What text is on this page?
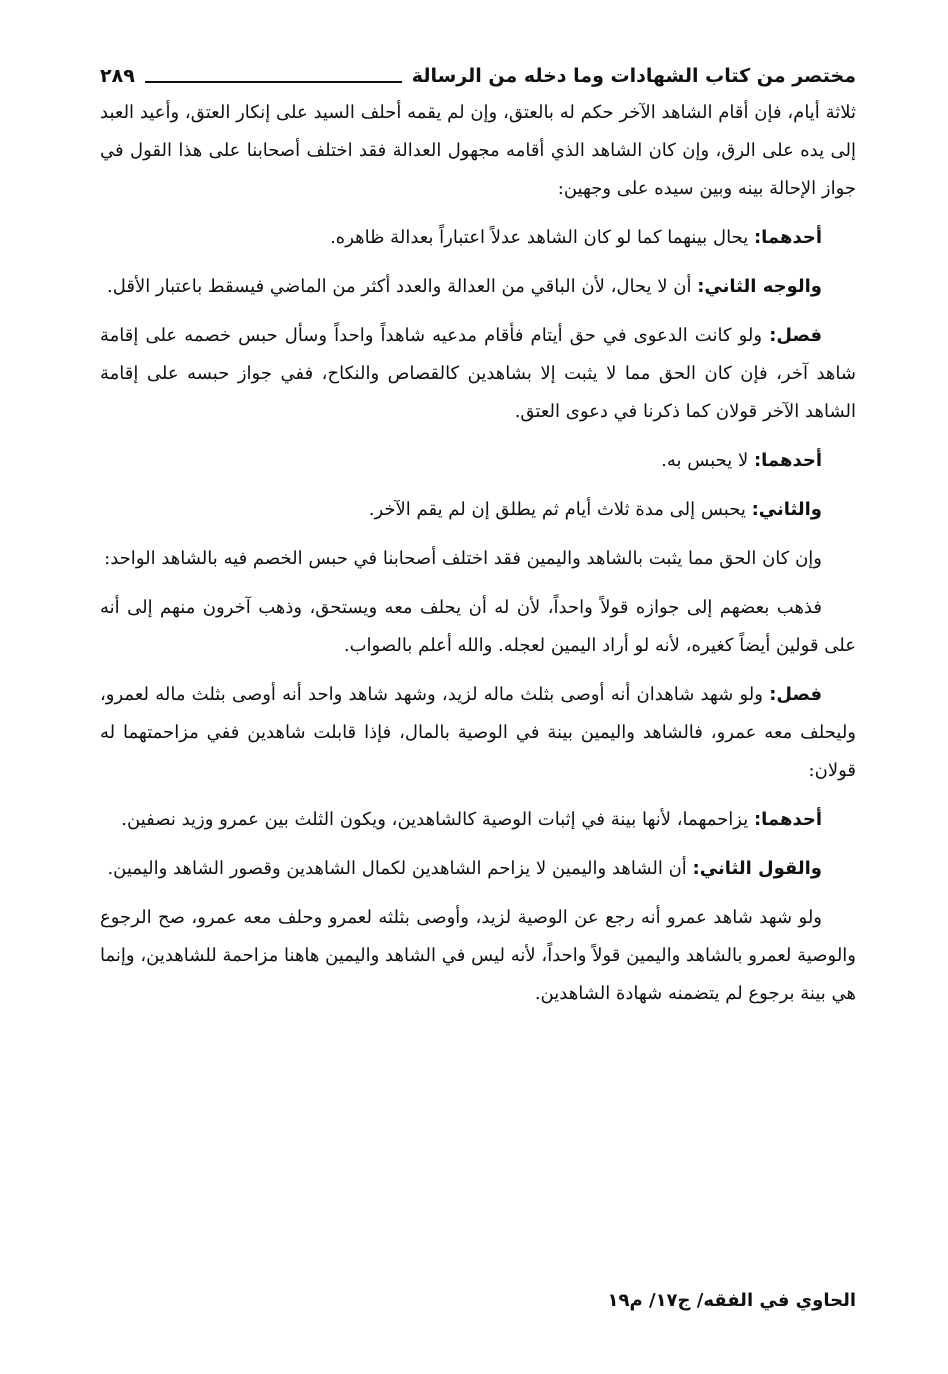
مختصر من كتاب الشهادات وما دخله من الرسالة
٢٨٩

ثلاثة أيام، فإن أقام الشاهد الآخر حكم له بالعتق، وإن لم يقمه أحلف السيد على إنكار العتق، وأعيد العبد إلى يده على الرق، وإن كان الشاهد الذي أقامه مجهول العدالة فقد اختلف أصحابنا على هذا القول في جواز الإحالة بينه وبين سيده على وجهين:

أحدهما: يحال بينهما كما لو كان الشاهد عدلاً اعتباراً بعدالة ظاهره.

والوجه الثاني: أن لا يحال، لأن الباقي من العدالة والعدد أكثر من الماضي فيسقط باعتبار الأقل.

فصل: ولو كانت الدعوى في حق أيتام فأقام مدعيه شاهداً واحداً وسأل حبس خصمه على إقامة شاهد آخر، فإن كان الحق مما لا يثبت إلا بشاهدين كالقصاص والنكاح، ففي جواز حبسه على إقامة الشاهد الآخر قولان كما ذكرنا في دعوى العتق.

أحدهما: لا يحبس به.

والثاني: يحبس إلى مدة ثلاث أيام ثم يطلق إن لم يقم الآخر.

وإن كان الحق مما يثبت بالشاهد واليمين فقد اختلف أصحابنا في حبس الخصم فيه بالشاهد الواحد:

فذهب بعضهم إلى جوازه قولاً واحداً، لأن له أن يحلف معه ويستحق، وذهب آخرون منهم إلى أنه على قولين أيضاً كغيره، لأنه لو أراد اليمين لعجله. والله أعلم بالصواب.

فصل: ولو شهد شاهدان أنه أوصى بثلث ماله لزيد، وشهد شاهد واحد أنه أوصى بثلث ماله لعمرو، وليحلف معه عمرو، فالشاهد واليمين بينة في الوصية بالمال، فإذا قابلت شاهدين ففي مزاحمتهما له قولان:

أحدهما: يزاحمهما، لأنها بينة في إثبات الوصية كالشاهدين، ويكون الثلث بين عمرو وزيد نصفين.

والقول الثاني: أن الشاهد واليمين لا يزاحم الشاهدين لكمال الشاهدين وقصور الشاهد واليمين.

ولو شهد شاهد عمرو أنه رجع عن الوصية لزيد، وأوصى بثلثه لعمرو وحلف معه عمرو، صح الرجوع والوصية لعمرو بالشاهد واليمين قولاً واحداً، لأنه ليس في الشاهد واليمين هاهنا مزاحمة للشاهدين، وإنما هي بينة برجوع لم يتضمنه شهادة الشاهدين.

الحاوي في الفقه/ ج١٧/ م١٩
